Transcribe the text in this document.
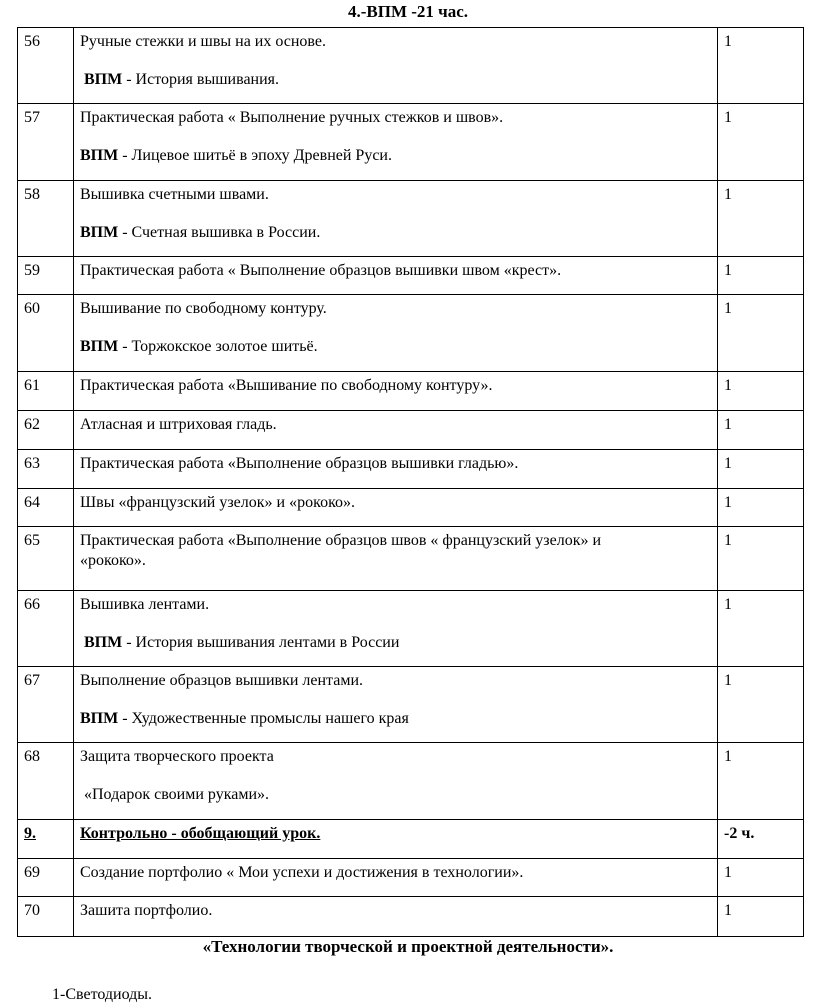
4.-ВПМ -21 час.
56	Ручные стежки и швы на их основе.
ВПМ - История вышивания.	1
57	Практическая работа « Выполнение ручных стежков и швов».
ВПМ - Лицевое шитьё в эпоху Древней Руси.	1
58	Вышивка счетными швами.
ВПМ - Счетная вышивка в России.	1
59	Практическая работа « Выполнение образцов вышивки швом «крест».	1
60	Вышивание по свободному контуру.
ВПМ - Торжокское золотое шитьё.	1
61	Практическая работа «Вышивание по свободному контуру».	1
62	Атласная и штриховая гладь.	1
63	Практическая работа «Выполнение образцов вышивки гладью».	1
64	Швы «французский узелок» и «рококо».	1
65	Практическая работа «Выполнение образцов швов « французский узелок» и
«рококо».	1
66	Вышивка лентами.
ВПМ - История вышивания лентами в России	1
67	Выполнение образцов вышивки лентами.
ВПМ - Художественные промыслы нашего края	1
68	Защита творческого проекта
«Подарок своими руками».	1
9.	Контрольно - обобщающий урок.	-2 ч.
69	Создание портфолио « Мои успехи и достижения в технологии».	1
70	Зашита портфолио.	1
«Технологии творческой и проектной деятельности».
1-Светодиоды.
